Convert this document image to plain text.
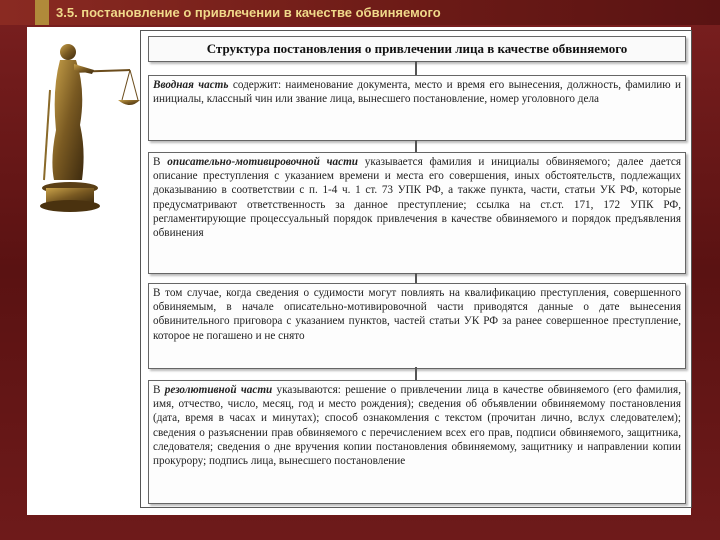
3.5. постановление о привлечении в качестве обвиняемого
Структура постановления о привлечении лица в качестве обвиняемого
Вводная часть содержит: наименование документа, место и время его вынесения, должность, фамилию и инициалы, классный чин или звание лица, вынесшего постановление, номер уголовного дела
В описательно-мотивировочной части указывается фамилия и инициалы обвиняемого; далее дается описание преступления с указанием времени и места его совершения, иных обстоятельств, подлежащих доказыванию в соответствии с п. 1-4 ч. 1 ст. 73 УПК РФ, а также пункта, части, статьи УК РФ, которые предусматривают ответственность за данное преступление; ссылка на ст.ст. 171, 172 УПК РФ, регламентирующие процессуальный порядок привлечения в качестве обвиняемого и порядок предъявления обвинения
В том случае, когда сведения о судимости могут повлиять на квалификацию преступления, совершенного обвиняемым, в начале описательно-мотивировочной части приводятся данные о дате вынесения обвинительного приговора с указанием пунктов, частей статьи УК РФ за ранее совершенное преступление, которое не погашено и не снято
В резолютивной части указываются: решение о привлечении лица в качестве обвиняемого (его фамилия, имя, отчество, число, месяц, год и место рождения); сведения об объявлении обвиняемому постановления (дата, время в часах и минутах); способ ознакомления с текстом (прочитан лично, вслух следователем); сведения о разъяснении прав обвиняемого с перечислением всех его прав, подписи обвиняемого, защитника, следователя; сведения о дне вручения копии постановления обвиняемому, защитнику и направлении копии прокурору; подпись лица, вынесшего постановление
